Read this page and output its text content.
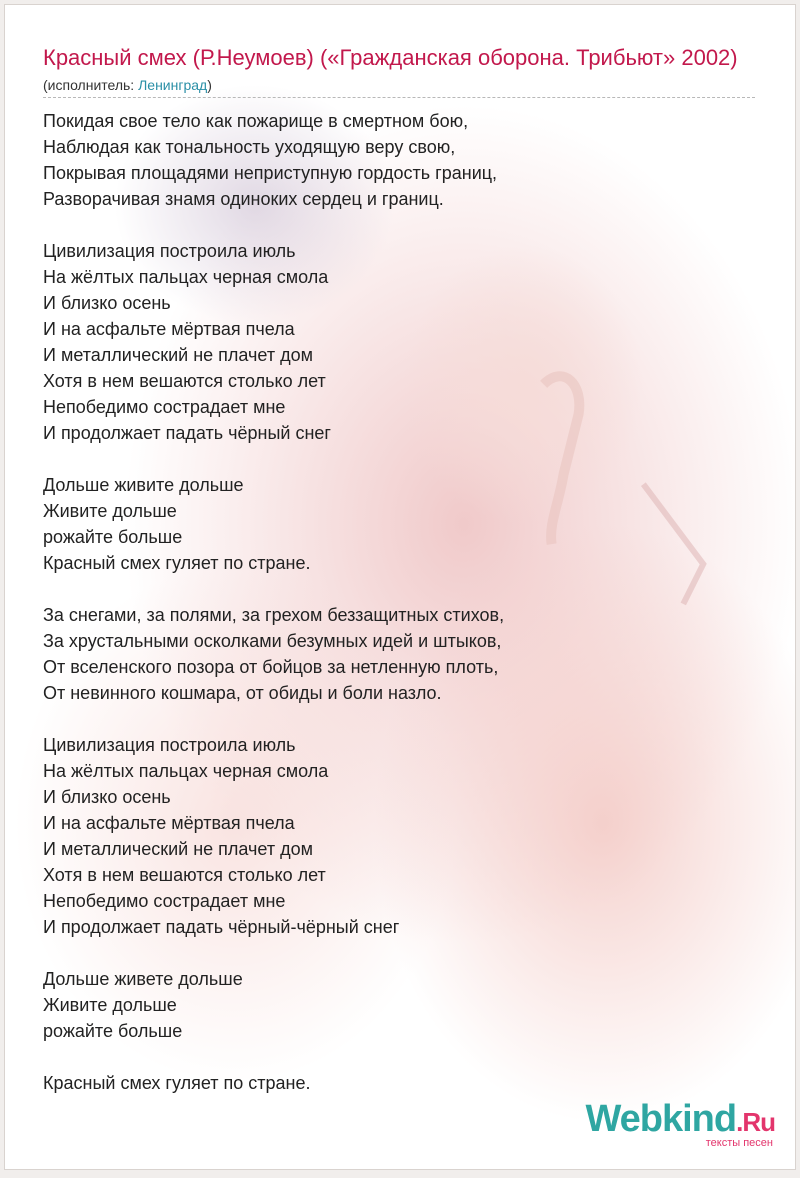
Красный смех (Р.Неумоев) («Гражданская оборона. Трибьют» 2002)
(исполнитель: Ленинград)
Покидая свое тело как пожарище в смертном бою,
Наблюдая как тональность уходящую веру свою,
Покрывая площадями неприступную гордость границ,
Разворачивая знамя одиноких сердец и границ.
Цивилизация построила июль
На жёлтых пальцах черная смола
И близко осень
И на асфальте мёртвая пчела
И металлический не плачет дом
Хотя в нем вешаются столько лет
Непобедимо сострадает мне
И продолжает падать чёрный снег
Дольше живите дольше
Живите дольше
рожайте больше
Красный смех гуляет по стране.
За снегами, за полями, за грехом беззащитных стихов,
За хрустальными осколками безумных идей и штыков,
От вселенского позора от бойцов за нетленную плоть,
От невинного кошмара, от обиды и боли назло.
Цивилизация построила июль
На жёлтых пальцах черная смола
И близко осень
И на асфальте мёртвая пчела
И металлический не плачет дом
Хотя в нем вешаются столько лет
Непобедимо сострадает мне
И продолжает падать чёрный-чёрный снег
Дольше живете дольше
Живите дольше
рожайте больше
Красный смех гуляет по стране.
Webkind.Ru
тексты песен
